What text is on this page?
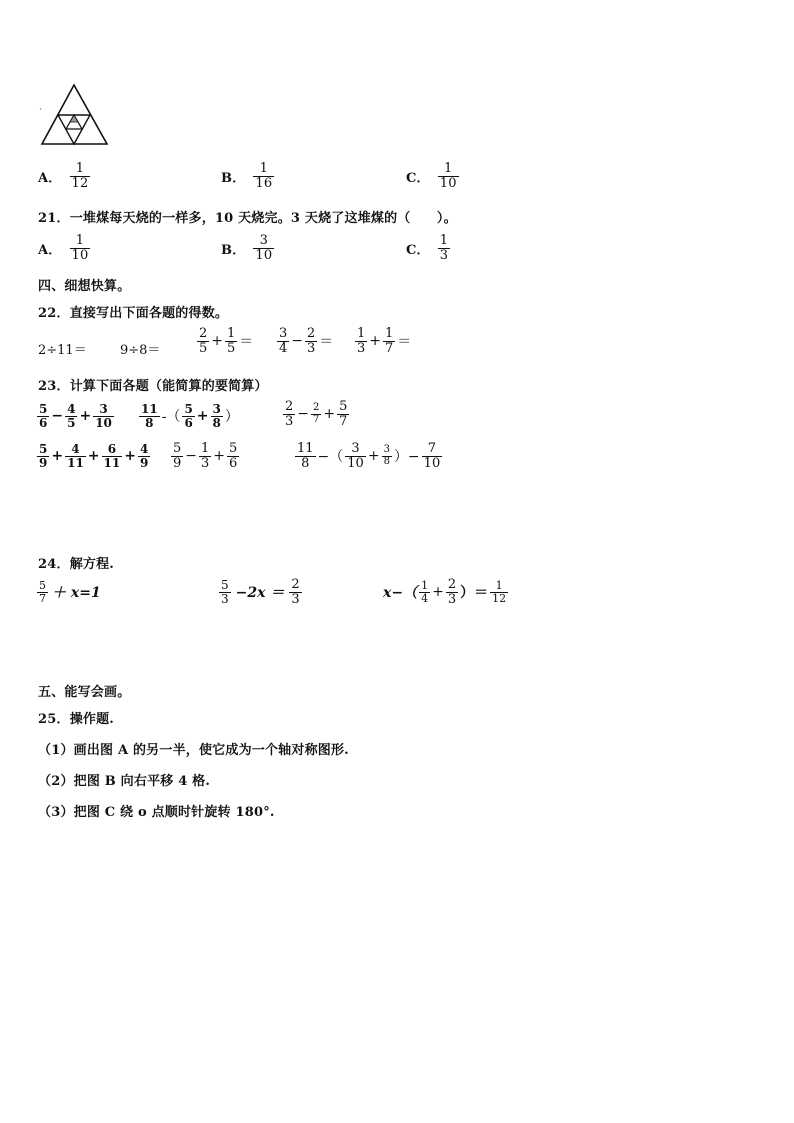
A．
1
12	B．
1
16	C．
1
10
21．一堆煤每天烧的一样多，10 天烧完。3 天烧了这堆煤的（　　）。
A．
1
10	B．
3
10	C．
1
3
四、细想快算。
22．直接写出下面各题的得数。
2÷11＝	9÷8＝
2
$5 + \frac{1}{5}$ ＝
3
$4 - \frac{2}{3}$ ＝
1
$3 + \frac{1}{7}$ ＝
23．计算下面各题（能简算的要简算）
5
$6 - \frac{4}{5} + \frac{3}{10} 11$
8 -（
5
$6 + \frac{3}{8}$ ）
2
$3 - \frac{2}{7} + \frac{5}{7}$
5
$9 + \frac{4}{11} + \frac{6}{11} + \frac{4}{9} 5$
$9 - \frac{1}{3} + \frac{5}{6}$	11
8 −（
3
$10 + \frac{3}{8}$ ）− $\frac{7}{10}$
24．解方程.
5
7 ＋ x=1	5
3 −2x ＝
2
3	x−（ 1
$4 + \frac{2}{3}$ ）＝ 1
12
五、能写会画。
25．操作题.
（1）画出图 A 的另一半，使它成为一个轴对称图形.
（2）把图 B 向右平移 4 格.
（3）把图 C 绕 o 点顺时针旋转 180°.
